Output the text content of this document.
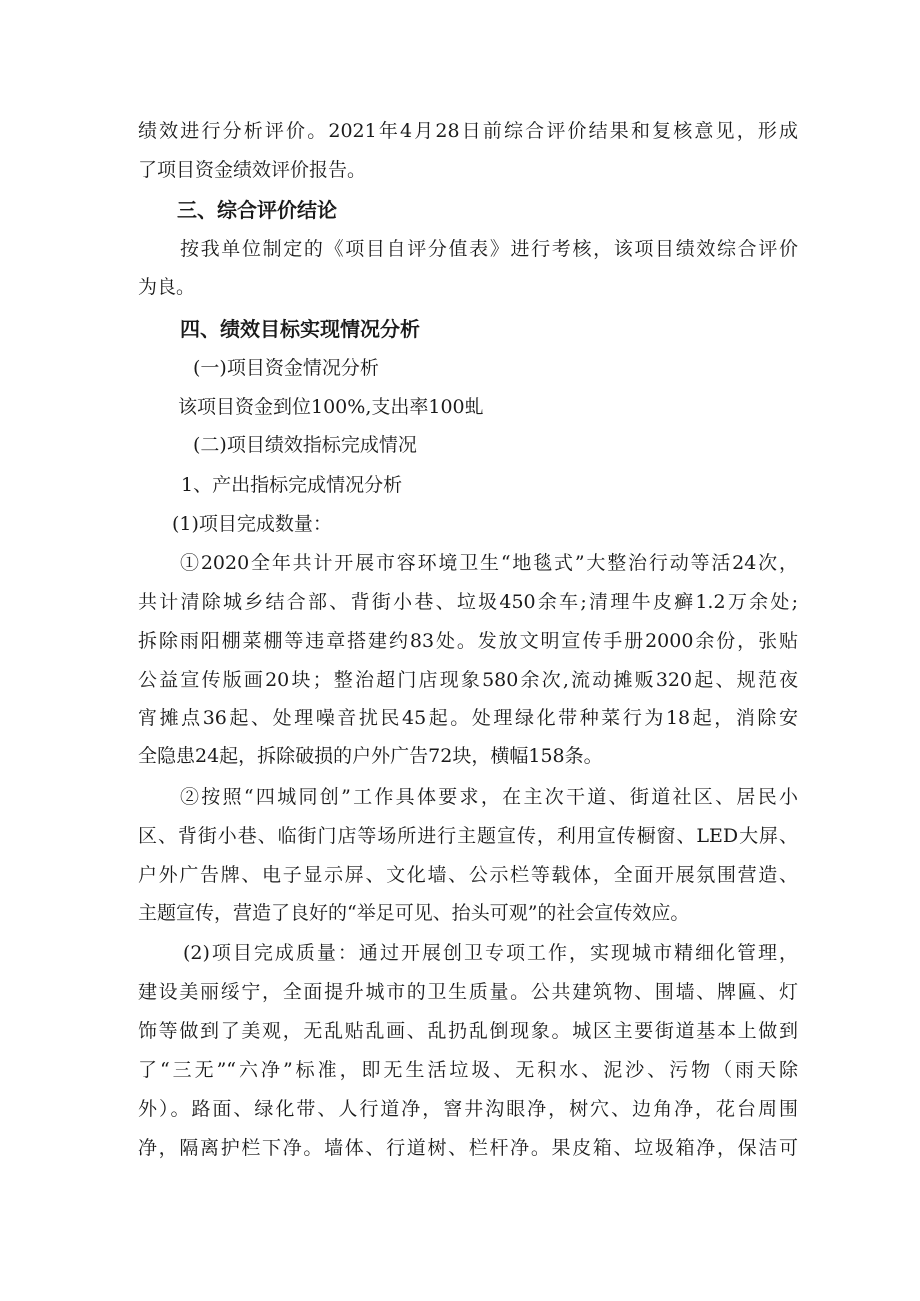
绩效进行分析评价。2021年4月28日前综合评价结果和复核意见，形成
了项目资金绩效评价报告。
三、综合评价结论
按我单位制定的《项目自评分值表》进行考核，该项目绩效综合评价
为良。
四、绩效目标实现情况分析
(一)项目资金情况分析
该项目资金到位100%,支出率100虬
(二)项目绩效指标完成情况
1、产出指标完成情况分析
(1)项目完成数量：
①2020全年共计开展市容环境卫生“地毯式”大整治行动等活24次，
共计清除城乡结合部、背街小巷、垃圾450余车;清理牛皮癣1.2万余处;
拆除雨阳棚菜棚等违章搭建约83处。发放文明宣传手册2000余份，张贴
公益宣传版画20块；整治超门店现象580余次,流动摊贩320起、规范夜
宵摊点36起、处理噪音扰民45起。处理绿化带种菜行为18起，消除安
全隐患24起，拆除破损的户外广告72块，横幅158条。
②按照“四城同创”工作具体要求，在主次干道、街道社区、居民小
区、背街小巷、临街门店等场所进行主题宣传，利用宣传橱窗、LED大屏、
户外广告牌、电子显示屏、文化墙、公示栏等载体，全面开展氛围营造、
主题宣传，营造了良好的“举足可见、抬头可观”的社会宣传效应。
(2)项目完成质量：通过开展创卫专项工作，实现城市精细化管理，
建设美丽绥宁，全面提升城市的卫生质量。公共建筑物、围墙、牌匾、灯
饰等做到了美观，无乱贴乱画、乱扔乱倒现象。城区主要街道基本上做到
了“三无”“六净”标准，即无生活垃圾、无积水、泥沙、污物（雨天除
外）。路面、绿化带、人行道净，窨井沟眼净，树穴、边角净，花台周围
净，隔离护栏下净。墙体、行道树、栏杆净。果皮箱、垃圾箱净，保洁可
